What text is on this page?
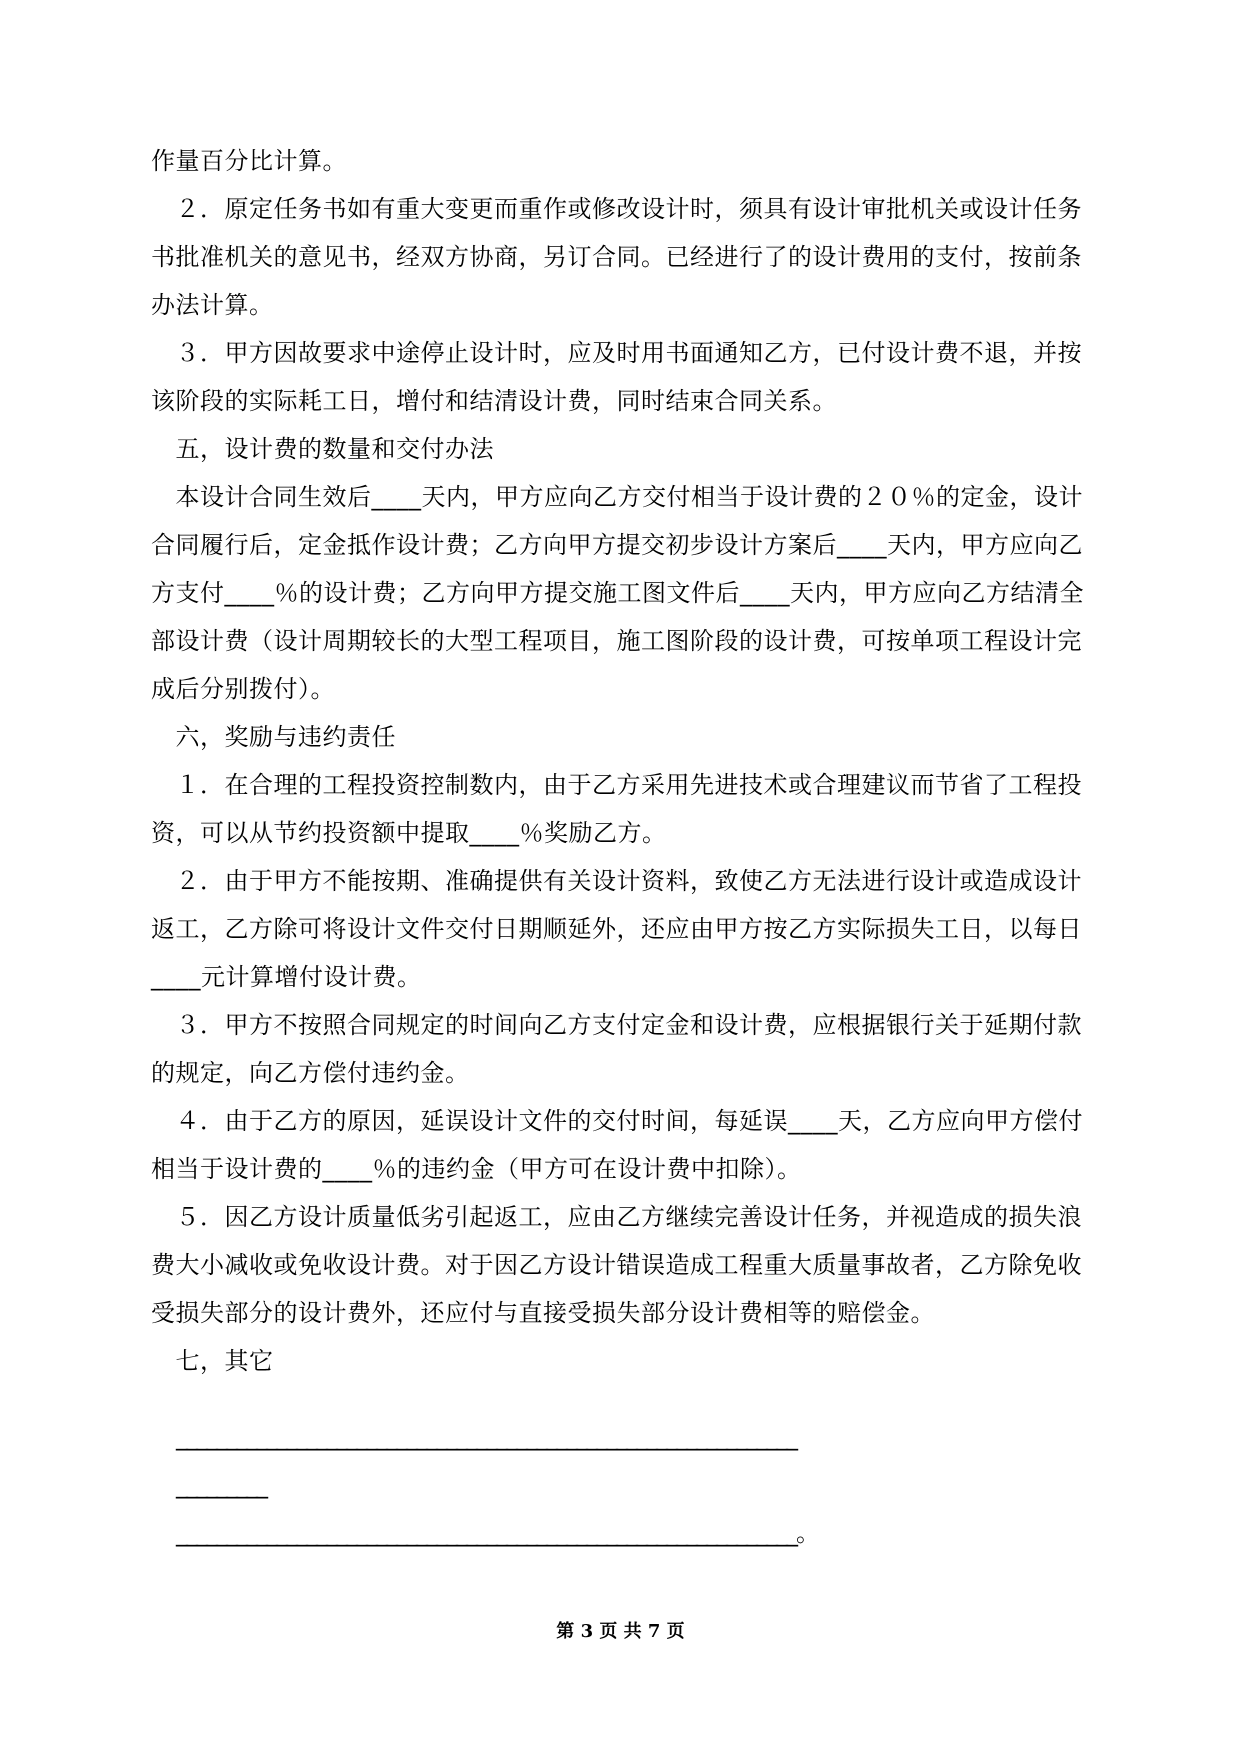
作量百分比计算。
　２．原定任务书如有重大变更而重作或修改设计时，须具有设计审批机关或设计任务
书批准机关的意见书，经双方协商，另订合同。已经进行了的设计费用的支付，按前条
办法计算。
　３．甲方因故要求中途停止设计时，应及时用书面通知乙方，已付设计费不退，并按
该阶段的实际耗工日，增付和结清设计费，同时结束合同关系。
　五，设计费的数量和交付办法
　本设计合同生效后____天内，甲方应向乙方交付相当于设计费的２０％的定金，设计
合同履行后，定金抵作设计费；乙方向甲方提交初步设计方案后____天内，甲方应向乙
方支付____％的设计费；乙方向甲方提交施工图文件后____天内，甲方应向乙方结清全
部设计费（设计周期较长的大型工程项目，施工图阶段的设计费，可按单项工程设计完
成后分别拨付）。
　六，奖励与违约责任
　１．在合理的工程投资控制数内，由于乙方采用先进技术或合理建议而节省了工程投
资，可以从节约投资额中提取____％奖励乙方。
　２．由于甲方不能按期、准确提供有关设计资料，致使乙方无法进行设计或造成设计
返工，乙方除可将设计文件交付日期顺延外，还应由甲方按乙方实际损失工日，以每日
____元计算增付设计费。
　３．甲方不按照合同规定的时间向乙方支付定金和设计费，应根据银行关于延期付款
的规定，向乙方偿付违约金。
　４．由于乙方的原因，延误设计文件的交付时间，每延误____天，乙方应向甲方偿付
相当于设计费的____％的违约金（甲方可在设计费中扣除）。
　５．因乙方设计质量低劣引起返工，应由乙方继续完善设计任务，并视造成的损失浪
费大小减收或免收设计费。对于因乙方设计错误造成工程重大质量事故者，乙方除免收
受损失部分的设计费外，还应付与直接受损失部分设计费相等的赔偿金。
　七，其它
______________________________________________________________
_________
______________________________________________________________。
第 3 页 共 7 页
